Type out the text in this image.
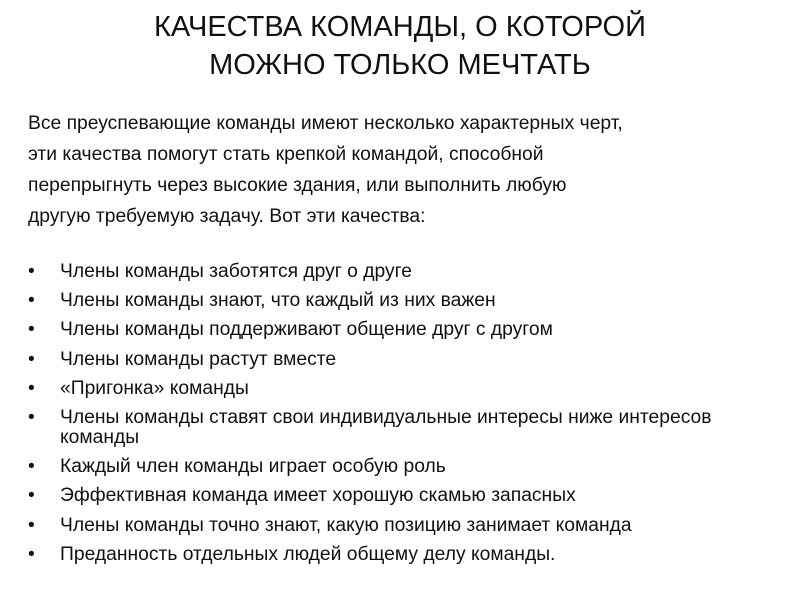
КАЧЕСТВА КОМАНДЫ, О КОТОРОЙ
МОЖНО ТОЛЬКО МЕЧТАТЬ

Все преуспевающие команды имеют несколько характерных черт,
эти качества помогут стать крепкой командой, способной
перепрыгнуть через высокие здания, или выполнить любую
другую требуемую задачу. Вот эти качества:

•	Члены команды заботятся друг о друге
•	Члены команды знают, что каждый из них важен
•	Члены команды поддерживают общение друг с другом
•	Члены команды растут вместе
•	«Пригонка» команды
•	Члены команды ставят свои индивидуальные интересы ниже интересов команды
•	Каждый член команды играет особую роль
•	Эффективная команда имеет хорошую скамью запасных
•	Члены команды точно знают, какую позицию занимает команда
•	Преданность отдельных людей общему делу команды.
